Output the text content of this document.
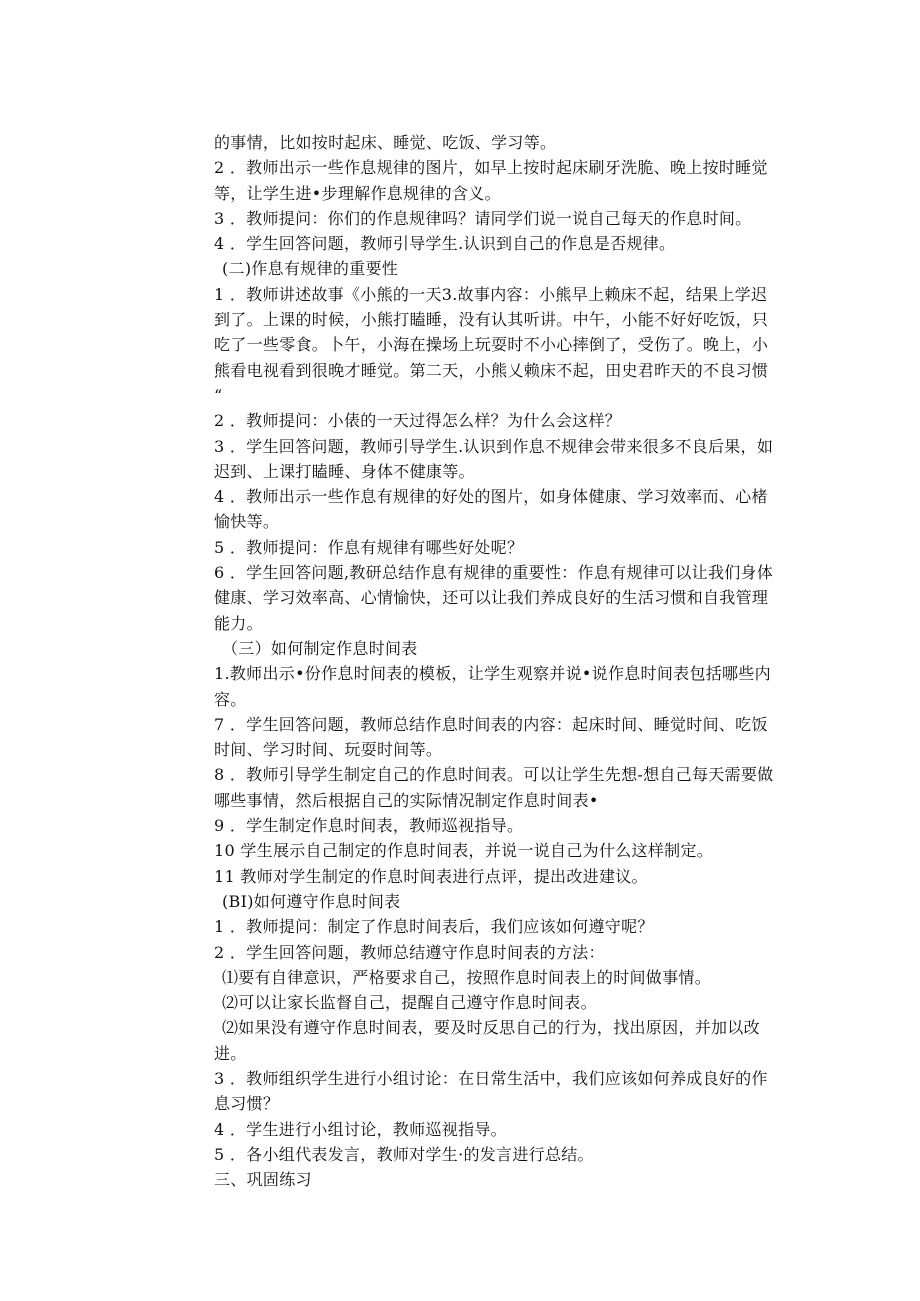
的事情，比如按时起床、睡觉、吃饭、学习等。
2 ．教师出示一些作息规律的图片，如早上按时起床刷牙洗脆、晚上按时睡觉
等，让学生进•步理解作息规律的含义。
3 ．教师提问：你们的作息规律吗？请同学们说一说自己每天的作息时间。
4 ．学生回答问题，教师引导学生.认识到自己的作息是否规律。
(二)作息有规律的重要性
1 ．教师讲述故事《小熊的一天3.故事内容：小熊早上赖床不起，结果上学迟
到了。上课的时候，小熊打瞌睡，没有认其听讲。中午，小能不好好吃饭，只
吃了一些零食。卜午，小海在操场上玩耍时不小心摔倒了，受伤了。晚上，小
熊看电视看到很晚才睡觉。第二天，小熊乂赖床不起，田史君昨天的不良习惯
“
2 ．教师提问：小俵的一天过得怎么样？为什么会这样？
3 ．学生回答问题，教师引导学生.认识到作息不规律会带来很多不良后果，如
迟到、上课打瞌睡、身体不健康等。
4 ．教师出示一些作息有规律的好处的图片，如身体健康、学习效率而、心楮
愉快等。
5 ．教师提问：作息有规律有哪些好处呢？
6 ．学生回答问题,教研总结作息有规律的重要性：作息有规律可以让我们身体
健康、学习效率高、心情愉快，还可以让我们养成良好的生活习惯和自我管理
能力。
（三）如何制定作息时间表
1.教师出示•份作息时间表的模板，让学生观察并说•说作息时间表包括哪些内
容。
7 ．学生回答问题，教师总结作息时间表的内容：起床时间、睡觉时间、吃饭
时间、学习时间、玩耍时间等。
8 ．教师引导学生制定自己的作息时间表。可以让学生先想-想自己每天需要做
哪些事情，然后根据自己的实际情况制定作息时间表•
9 ．学生制定作息时间表，教师巡视指导。
10 学生展示自己制定的作息时间表，并说一说自己为什么这样制定。
11 教师对学生制定的作息时间表进行点评，提出改进建议。
(BI)如何遵守作息时间表
1 ．教师提问：制定了作息时间表后，我们应该如何遵守呢？
2 ．学生回答问题，教师总结遵守作息时间表的方法：
⑴要有自律意识，严格要求自己，按照作息时间表上的时间做事情。
⑵可以让家长监督自己，提醒自己遵守作息时间表。
⑵如果没有遵守作息时间表，要及时反思自己的行为，找出原因，并加以改
进。
3 ．教师组织学生进行小组讨论：在日常生活中，我们应该如何养成良好的作
息习惯？
4 ．学生进行小组讨论，教师巡视指导。
5 ．各小组代表发言，教师对学生·的发言进行总结。
三、巩固练习
